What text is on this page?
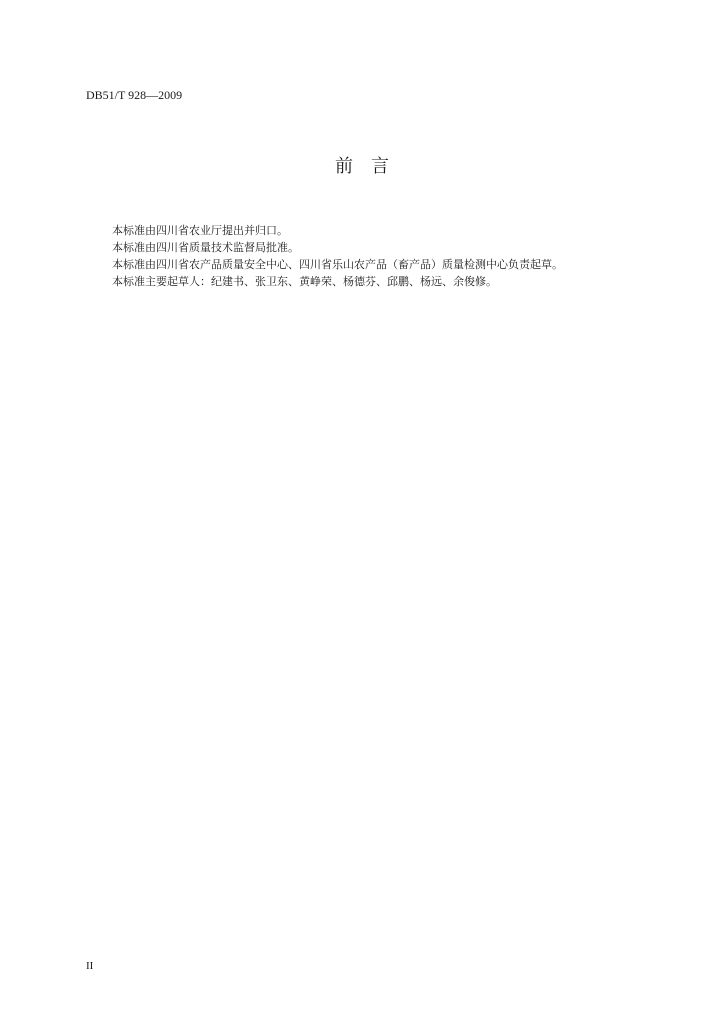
DB51/T 928—2009
前　言

本标准由四川省农业厅提出并归口。

本标准由四川省质量技术监督局批准。

本标准由四川省农产品质量安全中心、四川省乐山农产品（畜产品）质量检测中心负责起草。

本标准主要起草人：纪建书、张卫东、黄峥荣、杨德芬、邱鹏、杨远、余俊修。

II
